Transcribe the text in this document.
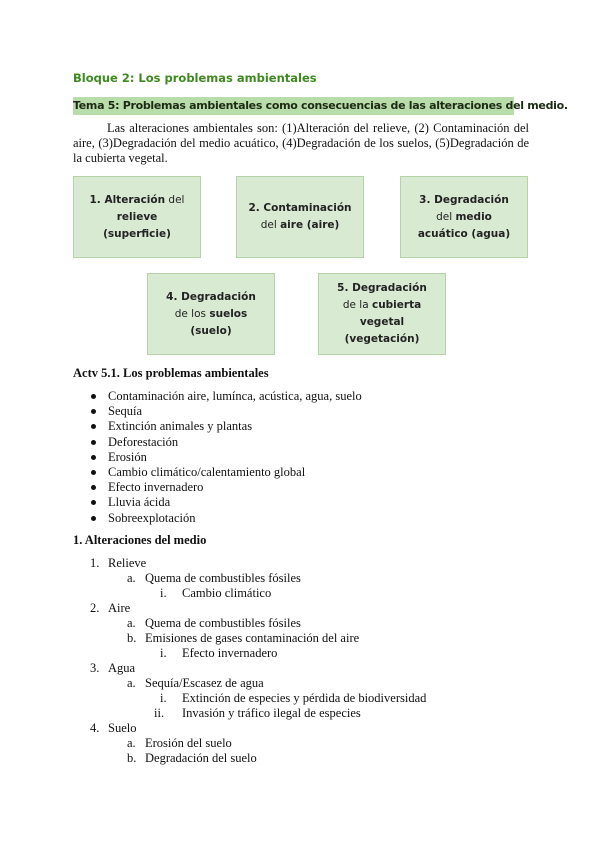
Bloque 2: Los problemas ambientales
Tema 5: Problemas ambientales como consecuencias de las alteraciones del medio.
Las alteraciones ambientales son: (1)Alteración del relieve, (2) Contaminación del aire, (3)Degradación del medio acuático, (4)Degradación de los suelos, (5)Degradación de la cubierta vegetal.
1. Alteración del relieve (superficie)
2. Contaminación del aire (aire)
3. Degradación del medio acuático (agua)
4. Degradación de los suelos (suelo)
5. Degradación de la cubierta vegetal (vegetación)
Actv 5.1. Los problemas ambientales
Contaminación aire, lumínca, acústica, agua, suelo
Sequía
Extinción animales y plantas
Deforestación
Erosión
Cambio climático/calentamiento global
Efecto invernadero
Lluvia ácida
Sobreexplotación
1. Alteraciones del medio
1. Relieve
a. Quema de combustibles fósiles
i. Cambio climático
2. Aire
a. Quema de combustibles fósiles
b. Emisiones de gases contaminación del aire
i. Efecto invernadero
3. Agua
a. Sequía/Escasez de agua
i. Extinción de especies y pérdida de biodiversidad
ii. Invasión y tráfico ilegal de especies
4. Suelo
a. Erosión del suelo
b. Degradación del suelo
